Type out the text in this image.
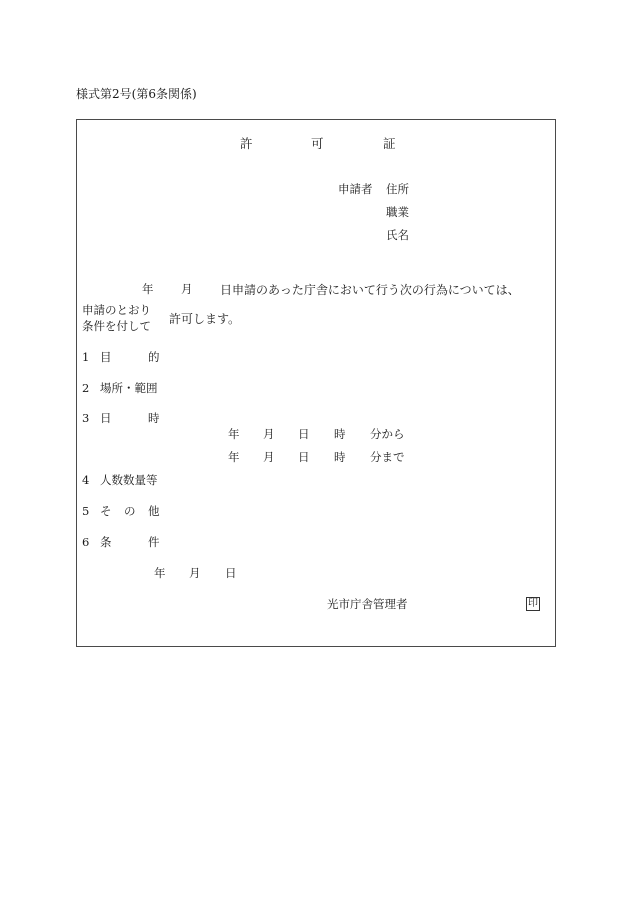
様式第2号(第6条関係)
許	可	証
申請者 住所
職業
氏名
年 月 日申請のあった庁舎において行う次の行為については、
申請のとおり
条件を付して 許可します。
1 目	的
2 場所・範囲
3 日	時
年 月 日 時 分から
年 月 日 時 分まで
4 人数数量等
5 そ の 他
6 条	件
年 月 日
光市庁舎管理者	印
